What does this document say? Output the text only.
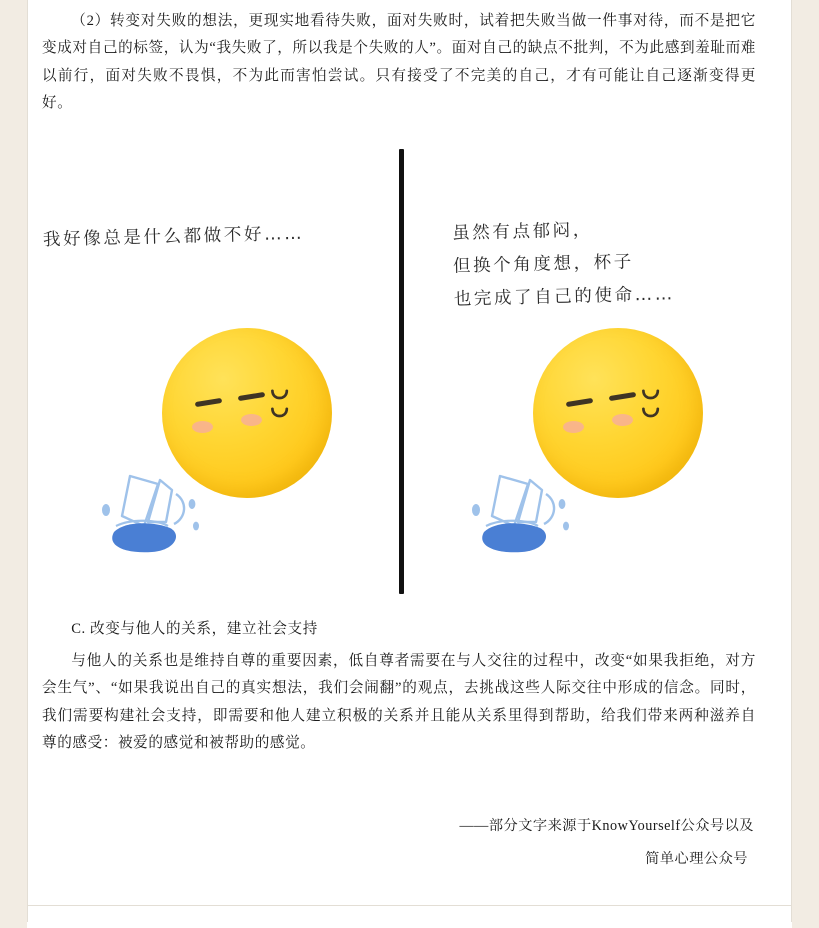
（2）转变对失败的想法，更现实地看待失败，面对失败时，试着把失败当做一件事对待，而不是把它变成对自己的标签，认为“我失败了，所以我是个失败的人”。面对自己的缺点不批判，不为此感到羞耻而难以前行，面对失败不畏惧，不为此而害怕尝试。只有接受了不完美的自己，才有可能让自己逐渐变得更好。

我好像总是什么都做不好……	虽然有点郁闷，
但换个角度想，杯子
也完成了自己的使命……

C. 改变与他人的关系，建立社会支持

与他人的关系也是维持自尊的重要因素，低自尊者需要在与人交往的过程中，改变“如果我拒绝，对方会生气”、“如果我说出自己的真实想法，我们会闹翻”的观点，去挑战这些人际交往中形成的信念。同时，我们需要构建社会支持，即需要和他人建立积极的关系并且能从关系里得到帮助，给我们带来两种滋养自尊的感受：被爱的感觉和被帮助的感觉。

——部分文字来源于KnowYourself公众号以及
简单心理公众号
